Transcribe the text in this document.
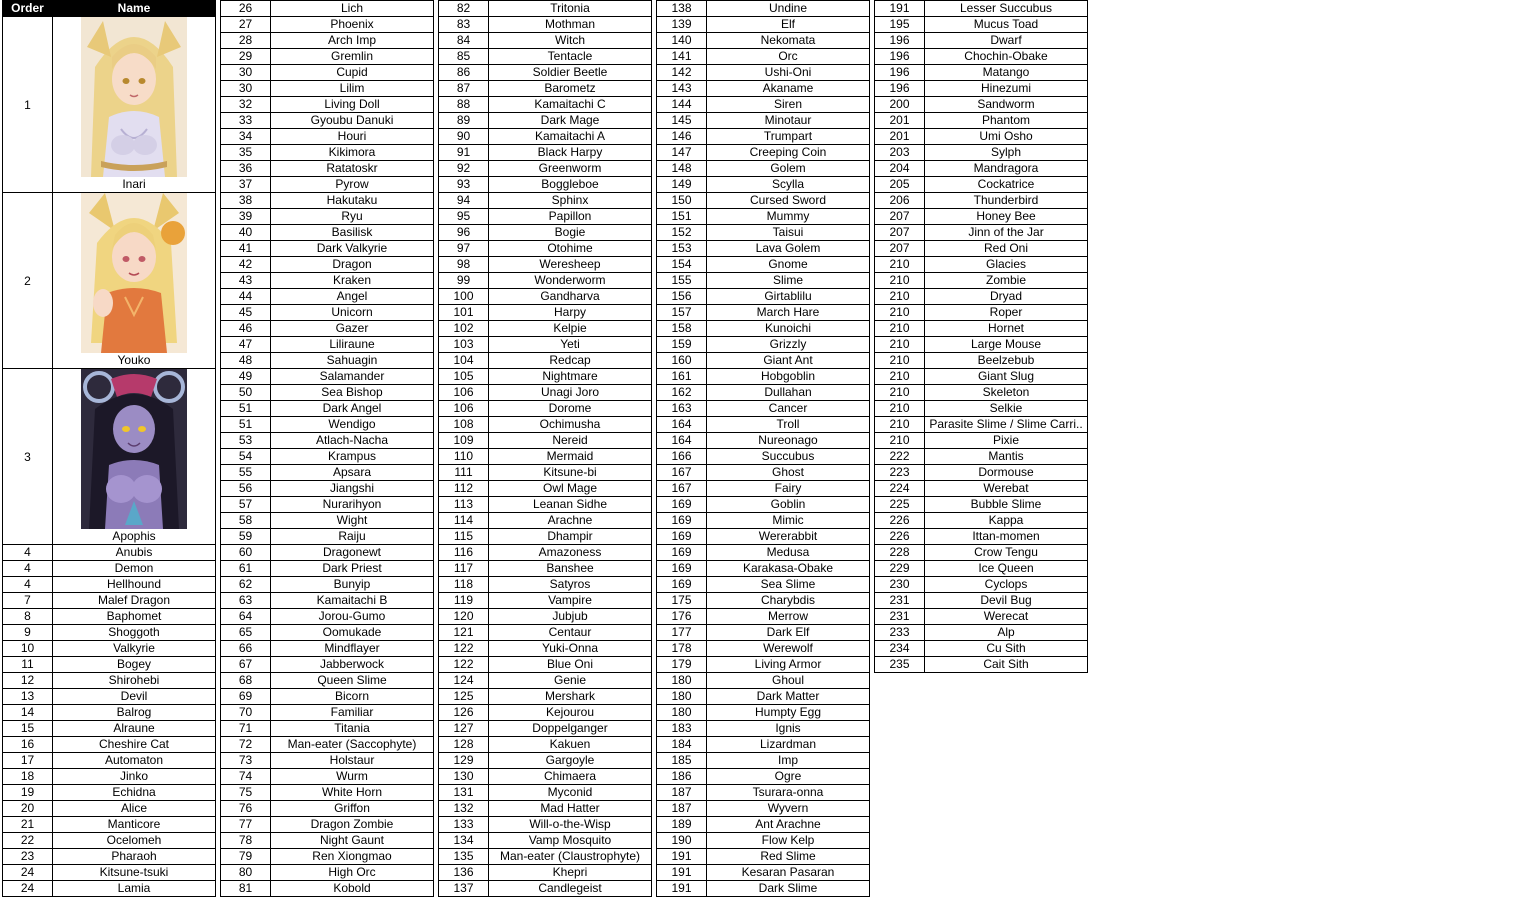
Order	Name
1	Inari

2	Youko

3	Apophis

4	Anubis
4	Demon
4	Hellhound
7	Malef Dragon
8	Baphomet
9	Shoggoth
10	Valkyrie
11	Bogey
12	Shirohebi
13	Devil
14	Balrog
15	Alraune
16	Cheshire Cat
17	Automaton
18	Jinko
19	Echidna
20	Alice
21	Manticore
22	Ocelomeh
23	Pharaoh
24	Kitsune-tsuki
24	Lamia
26	Lich
27	Phoenix
28	Arch Imp
29	Gremlin
30	Cupid
30	Lilim
32	Living Doll
33	Gyoubu Danuki
34	Houri
35	Kikimora
36	Ratatoskr
37	Pyrow
38	Hakutaku
39	Ryu
40	Basilisk
41	Dark Valkyrie
42	Dragon
43	Kraken
44	Angel
45	Unicorn
46	Gazer
47	Liliraune
48	Sahuagin
49	Salamander
50	Sea Bishop
51	Dark Angel
51	Wendigo
53	Atlach-Nacha
54	Krampus
55	Apsara
56	Jiangshi
57	Nurarihyon
58	Wight
59	Raiju
60	Dragonewt
61	Dark Priest
62	Bunyip
63	Kamaitachi B
64	Jorou-Gumo
65	Oomukade
66	Mindflayer
67	Jabberwock
68	Queen Slime
69	Bicorn
70	Familiar
71	Titania
72	Man-eater (Saccophyte)
73	Holstaur
74	Wurm
75	White Horn
76	Griffon
77	Dragon Zombie
78	Night Gaunt
79	Ren Xiongmao
80	High Orc
81	Kobold
82	Tritonia
83	Mothman
84	Witch
85	Tentacle
86	Soldier Beetle
87	Barometz
88	Kamaitachi C
89	Dark Mage
90	Kamaitachi A
91	Black Harpy
92	Greenworm
93	Boggleboe
94	Sphinx
95	Papillon
96	Bogie
97	Otohime
98	Weresheep
99	Wonderworm
100	Gandharva
101	Harpy
102	Kelpie
103	Yeti
104	Redcap
105	Nightmare
106	Unagi Joro
106	Dorome
108	Ochimusha
109	Nereid
110	Mermaid
111	Kitsune-bi
112	Owl Mage
113	Leanan Sidhe
114	Arachne
115	Dhampir
116	Amazoness
117	Banshee
118	Satyros
119	Vampire
120	Jubjub
121	Centaur
122	Yuki-Onna
122	Blue Oni
124	Genie
125	Mershark
126	Kejourou
127	Doppelganger
128	Kakuen
129	Gargoyle
130	Chimaera
131	Myconid
132	Mad Hatter
133	Will-o-the-Wisp
134	Vamp Mosquito
135	Man-eater (Claustrophyte)
136	Khepri
137	Candlegeist
138	Undine
139	Elf
140	Nekomata
141	Orc
142	Ushi-Oni
143	Akaname
144	Siren
145	Minotaur
146	Trumpart
147	Creeping Coin
148	Golem
149	Scylla
150	Cursed Sword
151	Mummy
152	Taisui
153	Lava Golem
154	Gnome
155	Slime
156	Girtablilu
157	March Hare
158	Kunoichi
159	Grizzly
160	Giant Ant
161	Hobgoblin
162	Dullahan
163	Cancer
164	Troll
164	Nureonago
166	Succubus
167	Ghost
167	Fairy
169	Goblin
169	Mimic
169	Wererabbit
169	Medusa
169	Karakasa-Obake
169	Sea Slime
175	Charybdis
176	Merrow
177	Dark Elf
178	Werewolf
179	Living Armor
180	Ghoul
180	Dark Matter
180	Humpty Egg
183	Ignis
184	Lizardman
185	Imp
186	Ogre
187	Tsurara-onna
187	Wyvern
189	Ant Arachne
190	Flow Kelp
191	Red Slime
191	Kesaran Pasaran
191	Dark Slime
191	Lesser Succubus
195	Mucus Toad
196	Dwarf
196	Chochin-Obake
196	Matango
196	Hinezumi
200	Sandworm
201	Phantom
201	Umi Osho
203	Sylph
204	Mandragora
205	Cockatrice
206	Thunderbird
207	Honey Bee
207	Jinn of the Jar
207	Red Oni
210	Glacies
210	Zombie
210	Dryad
210	Roper
210	Hornet
210	Large Mouse
210	Beelzebub
210	Giant Slug
210	Skeleton
210	Selkie
210	Parasite Slime / Slime Carri..
210	Pixie
222	Mantis
223	Dormouse
224	Werebat
225	Bubble Slime
226	Kappa
226	Ittan-momen
228	Crow Tengu
229	Ice Queen
230	Cyclops
231	Devil Bug
231	Werecat
233	Alp
234	Cu Sith
235	Cait Sith
